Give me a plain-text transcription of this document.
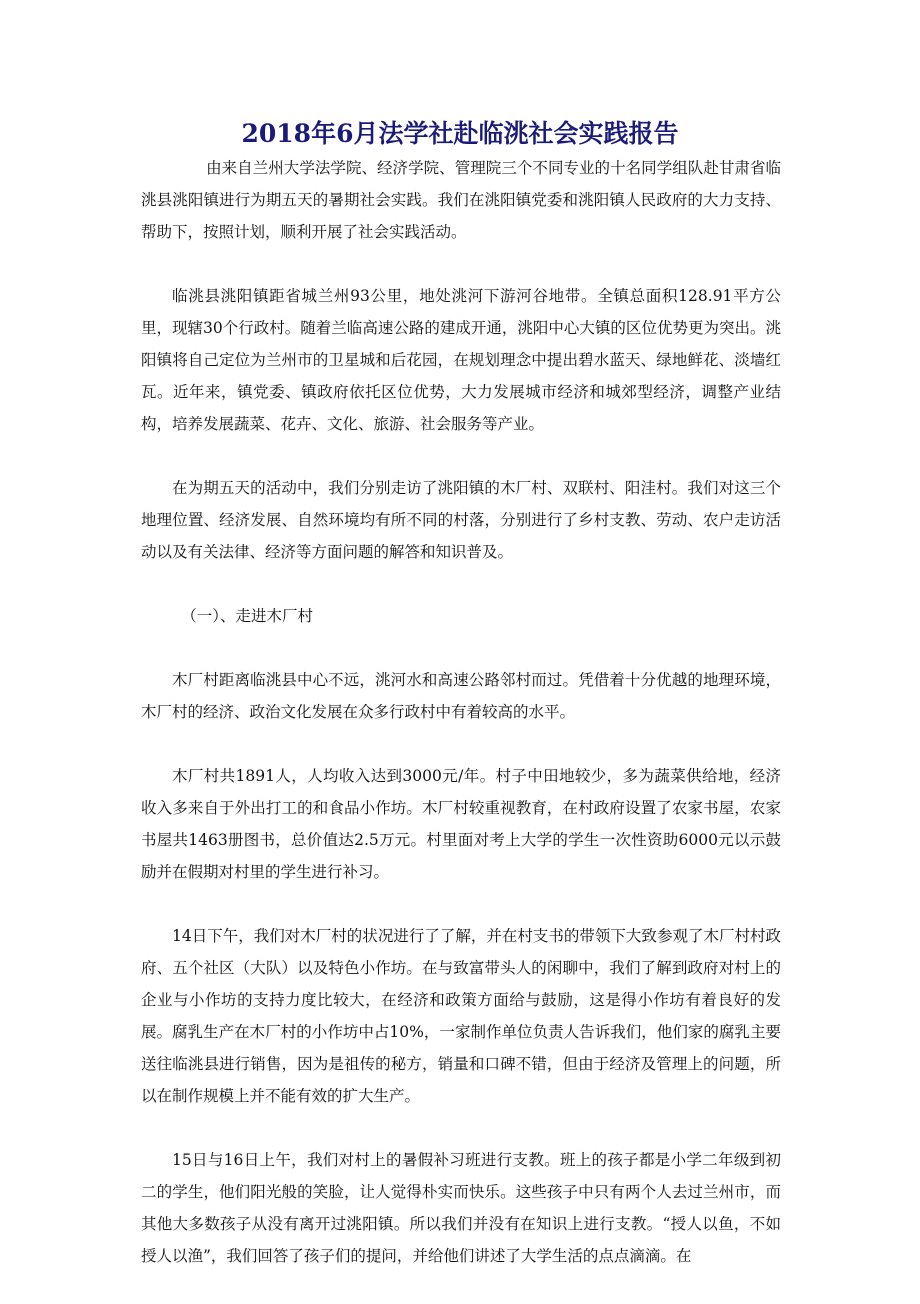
2018年6月法学社赴临洮社会实践报告

由来自兰州大学法学院、经济学院、管理院三个不同专业的十名同学组队赴甘肃省临洮县洮阳镇进行为期五天的暑期社会实践。我们在洮阳镇党委和洮阳镇人民政府的大力支持、帮助下，按照计划，顺利开展了社会实践活动。

临洮县洮阳镇距省城兰州93公里，地处洮河下游河谷地带。全镇总面积128.91平方公里，现辖30个行政村。随着兰临高速公路的建成开通，洮阳中心大镇的区位优势更为突出。洮阳镇将自己定位为兰州市的卫星城和后花园，在规划理念中提出碧水蓝天、绿地鲜花、淡墙红瓦。近年来，镇党委、镇政府依托区位优势，大力发展城市经济和城郊型经济，调整产业结构，培养发展蔬菜、花卉、文化、旅游、社会服务等产业。

在为期五天的活动中，我们分别走访了洮阳镇的木厂村、双联村、阳洼村。我们对这三个地理位置、经济发展、自然环境均有所不同的村落，分别进行了乡村支教、劳动、农户走访活动以及有关法律、经济等方面问题的解答和知识普及。

（一）、走进木厂村

木厂村距离临洮县中心不远，洮河水和高速公路邻村而过。凭借着十分优越的地理环境，木厂村的经济、政治文化发展在众多行政村中有着较高的水平。

木厂村共1891人，人均收入达到3000元/年。村子中田地较少，多为蔬菜供给地，经济收入多来自于外出打工的和食品小作坊。木厂村较重视教育，在村政府设置了农家书屋，农家书屋共1463册图书，总价值达2.5万元。村里面对考上大学的学生一次性资助6000元以示鼓励并在假期对村里的学生进行补习。

14日下午，我们对木厂村的状况进行了了解，并在村支书的带领下大致参观了木厂村村政府、五个社区（大队）以及特色小作坊。在与致富带头人的闲聊中，我们了解到政府对村上的企业与小作坊的支持力度比较大，在经济和政策方面给与鼓励，这是得小作坊有着良好的发展。腐乳生产在木厂村的小作坊中占10%，一家制作单位负责人告诉我们，他们家的腐乳主要送往临洮县进行销售，因为是祖传的秘方，销量和口碑不错，但由于经济及管理上的问题，所以在制作规模上并不能有效的扩大生产。

15日与16日上午，我们对村上的暑假补习班进行支教。班上的孩子都是小学二年级到初二的学生，他们阳光般的笑脸，让人觉得朴实而快乐。这些孩子中只有两个人去过兰州市，而其他大多数孩子从没有离开过洮阳镇。所以我们并没有在知识上进行支教。“授人以鱼，不如授人以渔”，我们回答了孩子们的提问，并给他们讲述了大学生活的点点滴滴。在
